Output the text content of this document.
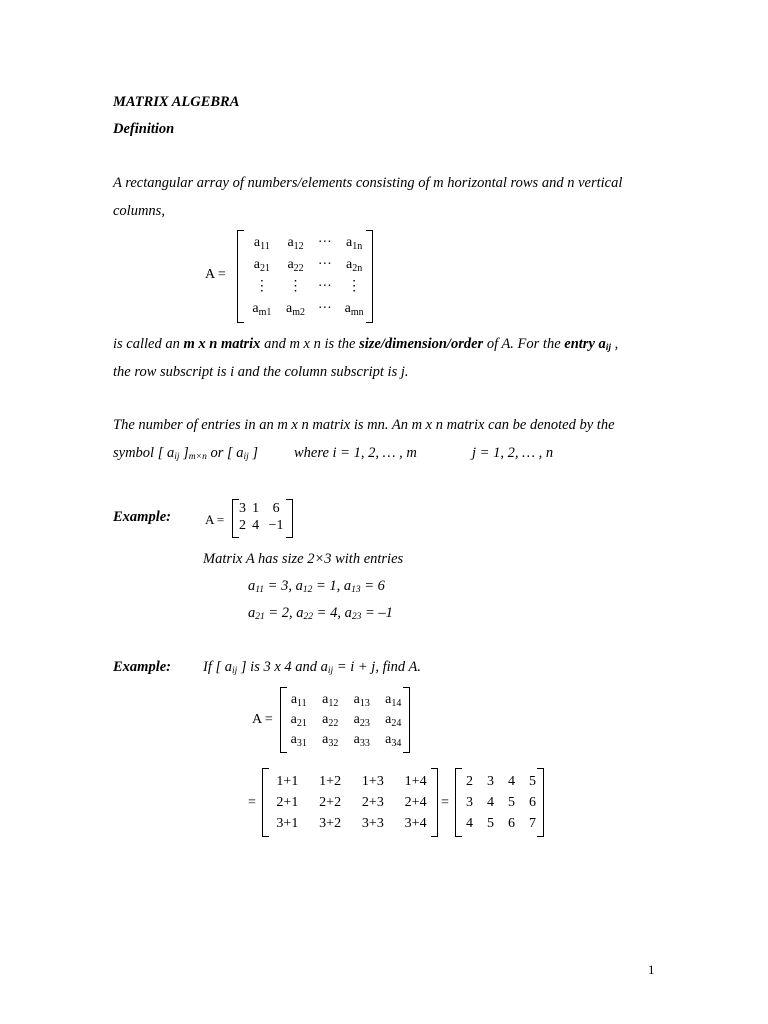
MATRIX ALGEBRA
Definition
A rectangular array of numbers/elements consisting of m horizontal rows and n vertical
columns,
A =
$a_{11}$	$a_{12}$	···	$a_{1n}$
$a_{21}$	$a_{22}$	···	$a_{2n}$
⋮	⋮	···	⋮
$a_{m1}$	$a_{m2}$	···	$a_{mn}$
is called an m x n matrix and m x n is the size/dimension/order of A. For the entry $a_{ij}$ ,
the row subscript is i and the column subscript is j.
The number of entries in an m x n matrix is mn. An m x n matrix can be denoted by the
symbol [ $a_{ij}$ ]$_{m\times n}$ or [ $a_{ij}$ ] where i = 1, 2, … , m	j = 1, 2, … , n
Example:	A =
3	1	6
2	4	−1
Matrix A has size 2×3 with entries
$a_{11} = 3$, $a_{12} = 1$, $a_{13} = 6$
$a_{21} = 2$, $a_{22} = 4$, $a_{23} = -1$
Example: If [ $a_{ij}$ ] is 3 x 4 and $a_{ij} = i + j$, find A.
A =
$a_{11}$	$a_{12}$	$a_{13}$	$a_{14}$
$a_{21}$	$a_{22}$	$a_{23}$	$a_{24}$
$a_{31}$	$a_{32}$	$a_{33}$	$a_{34}$
=
1+1	1+2	1+3	1+4
2+1	2+2	2+3	2+4
3+1	3+2	3+3	3+4
=
2	3	4	5
3	4	5	6
4	5	6	7
1
